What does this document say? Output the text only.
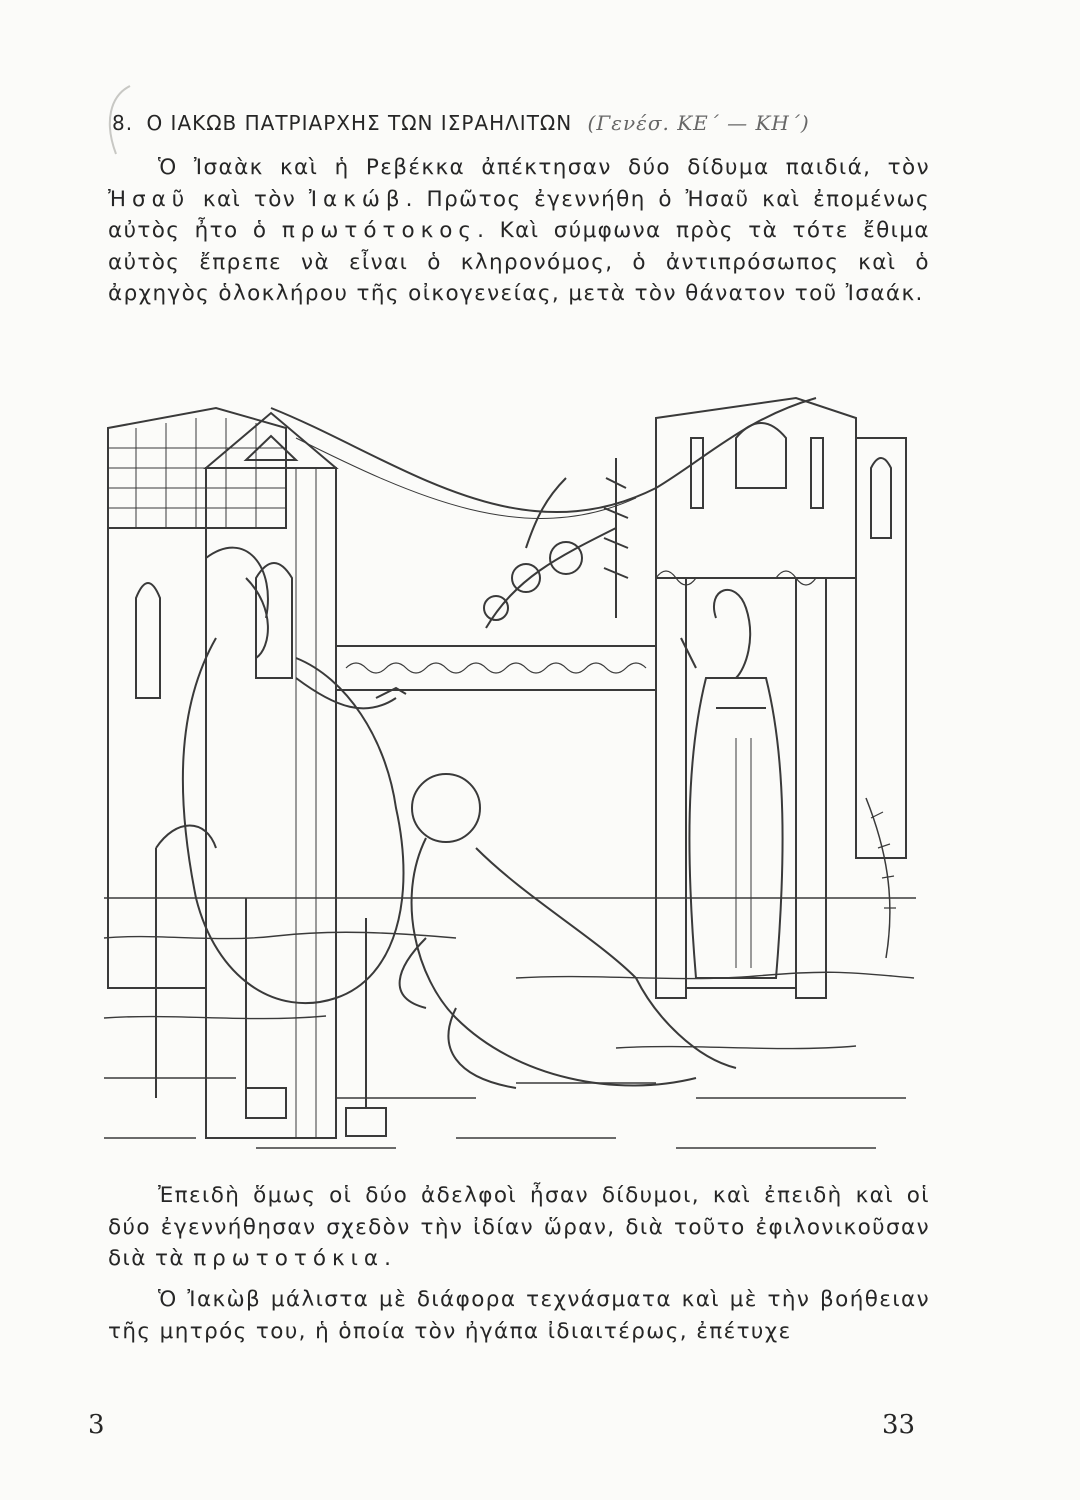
8. Ο ΙΑΚΩΒ ΠΑΤΡΙΑΡΧΗΣ ΤΩΝ ΙΣΡΑΗΛΙΤΩΝ (Γενέσ. ΚΕ΄ — ΚΗ΄)
Ὁ Ἰσαὰκ καὶ ἡ Ρεβέκκα ἀπέκτησαν δύο δίδυμα παιδιά, τὸν Ἠσαῦ καὶ τὸν Ἰακώβ. Πρῶτος ἐγεννήθη ὁ Ἠσαῦ καὶ ἐπομένως αὐτὸς ἦτο ὁ πρωτότοκος. Καὶ σύμφωνα πρὸς τὰ τότε ἔθιμα αὐτὸς ἔπρεπε νὰ εἶναι ὁ κληρονόμος, ὁ ἀντιπρόσωπος καὶ ὁ ἀρχηγὸς ὁλοκλήρου τῆς οἰκογενείας, μετὰ τὸν θάνατον τοῦ Ἰσαάκ.
Ἐπειδὴ ὅμως οἱ δύο ἀδελφοὶ ἦσαν δίδυμοι, καὶ ἐπειδὴ καὶ οἱ δύο ἐγεννήθησαν σχεδὸν τὴν ἰδίαν ὥραν, διὰ τοῦτο ἐφιλονικοῦσαν διὰ τὰ πρωτοτόκια.
Ὁ Ἰακὼβ μάλιστα μὲ διάφορα τεχνάσματα καὶ μὲ τὴν βοήθειαν τῆς μητρός του, ἡ ὁποία τὸν ἠγάπα ἰδιαιτέρως, ἐπέτυχε
3	33
